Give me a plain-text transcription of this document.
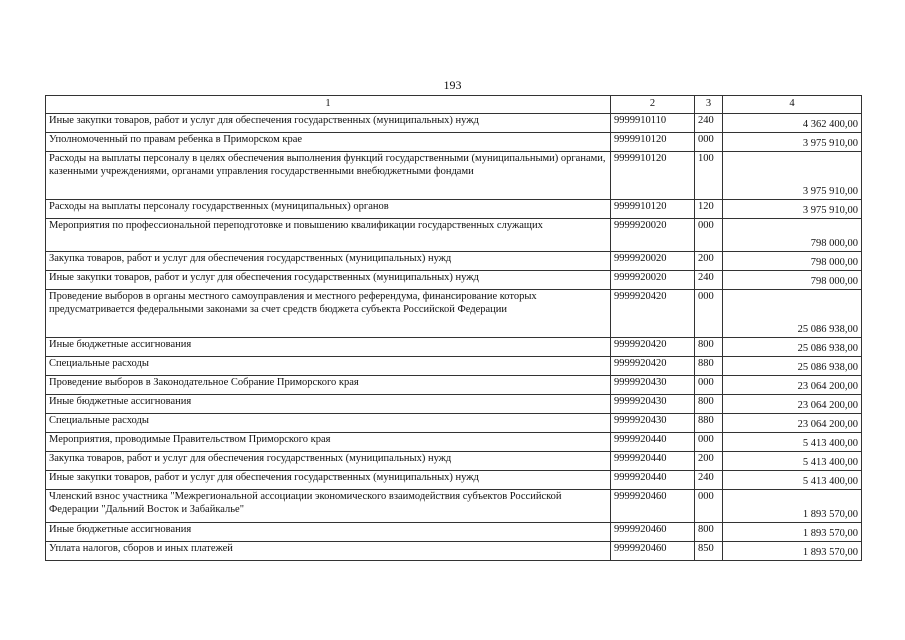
193
1	2	3	4
Иные закупки товаров, работ и услуг для обеспечения государственных (муниципальных) нужд	9999910110	240	4 362 400,00
Уполномоченный по правам ребенка в Приморском крае	9999910120	000	3 975 910,00
Расходы на выплаты персоналу в целях обеспечения выполнения функций государственными (муниципальными) органами, казенными учреждениями, органами управления государственными внебюджетными фондами	9999910120	100	3 975 910,00
Расходы на выплаты персоналу государственных (муниципальных) органов	9999910120	120	3 975 910,00
Мероприятия по профессиональной переподготовке и повышению квалификации государственных служащих	9999920020	000	798 000,00
Закупка товаров, работ и услуг для обеспечения государственных (муниципальных) нужд	9999920020	200	798 000,00
Иные закупки товаров, работ и услуг для обеспечения государственных (муниципальных) нужд	9999920020	240	798 000,00
Проведение выборов в органы местного самоуправления и местного референдума, финансирование которых предусматривается федеральными законами за счет средств бюджета субъекта Российской Федерации	9999920420	000	25 086 938,00
Иные бюджетные ассигнования	9999920420	800	25 086 938,00
Специальные расходы	9999920420	880	25 086 938,00
Проведение выборов в Законодательное Собрание Приморского края	9999920430	000	23 064 200,00
Иные бюджетные ассигнования	9999920430	800	23 064 200,00
Специальные расходы	9999920430	880	23 064 200,00
Мероприятия, проводимые Правительством Приморского края	9999920440	000	5 413 400,00
Закупка товаров, работ и услуг для обеспечения государственных (муниципальных) нужд	9999920440	200	5 413 400,00
Иные закупки товаров, работ и услуг для обеспечения государственных (муниципальных) нужд	9999920440	240	5 413 400,00
Членский взнос участника "Межрегиональной ассоциации экономического взаимодействия субъектов Российской Федерации "Дальний Восток и Забайкалье"	9999920460	000	1 893 570,00
Иные бюджетные ассигнования	9999920460	800	1 893 570,00
Уплата налогов, сборов и иных платежей	9999920460	850	1 893 570,00
